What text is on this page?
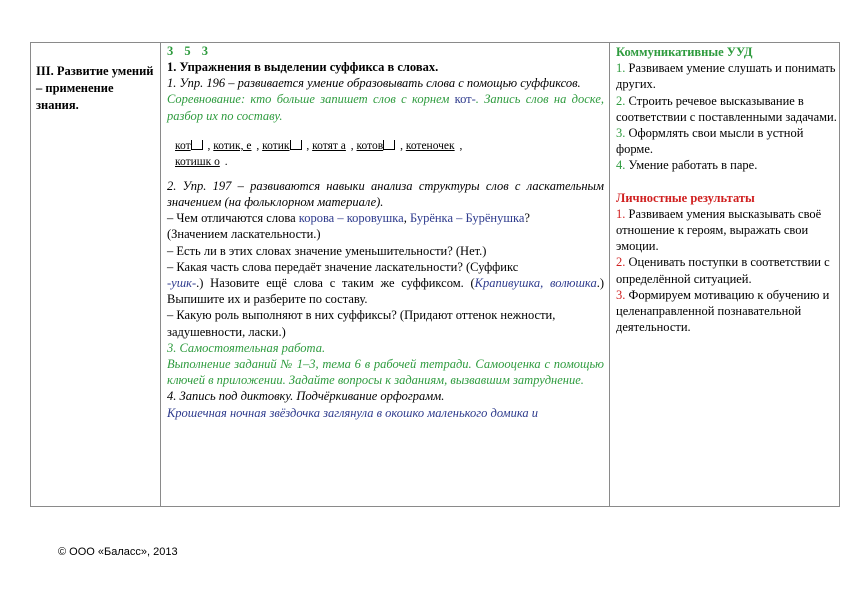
III. Развитие умений – применение знания.
3 5 3

1. Упражнения в выделении суффикса в словах.

1. Упр. 196 – развивается умение образовывать слова с помощью суффиксов.

Соревнование: кто больше запишет слов с корнем кот-. Запись слов на доске, разбор их по составу.

кот , котик, е , котик , котят а , котов , котеночек ,
котишк о .

2. Упр. 197 – развиваются навыки анализа структуры слов с ласкательным значением (на фольклорном материале).

– Чем отличаются слова корова – коровушка, Бурёнка – Бурёнушка?

(Значением ласкательности.)

– Есть ли в этих словах значение уменьшительности? (Нет.)

– Какая часть слова передаёт значение ласкательности? (Суффикс
-ушк-.) Назовите ещё слова с таким же суффиксом. (Крапивушка, волюшка.) Выпишите их и разберите по составу.

– Какую роль выполняют в них суффиксы? (Придают оттенок нежности, задушевности, ласки.)

3. Самостоятельная работа.

Выполнение заданий № 1–3, тема 6 в рабочей тетради. Самооценка с помощью ключей в приложении. Задайте вопросы к заданиям, вызвавшим затруднение.

4. Запись под диктовку. Подчёркивание орфограмм.

Крошечная ночная звёздочка заглянула в окошко маленького домика и

Коммуникативные УУД

1. Развиваем умение слушать и понимать других.

2. Строить речевое высказывание в соответствии с поставленными задачами.

3. Оформлять свои мысли в устной форме.

4. Умение работать в паре.

Личностные результаты

1. Развиваем умения высказывать своё отношение к героям, выражать свои эмоции.

2. Оценивать поступки в соответствии с определённой ситуацией.

3. Формируем мотивацию к обучению и целенаправленной познавательной деятельности.

© ООО «Баласс», 2013
